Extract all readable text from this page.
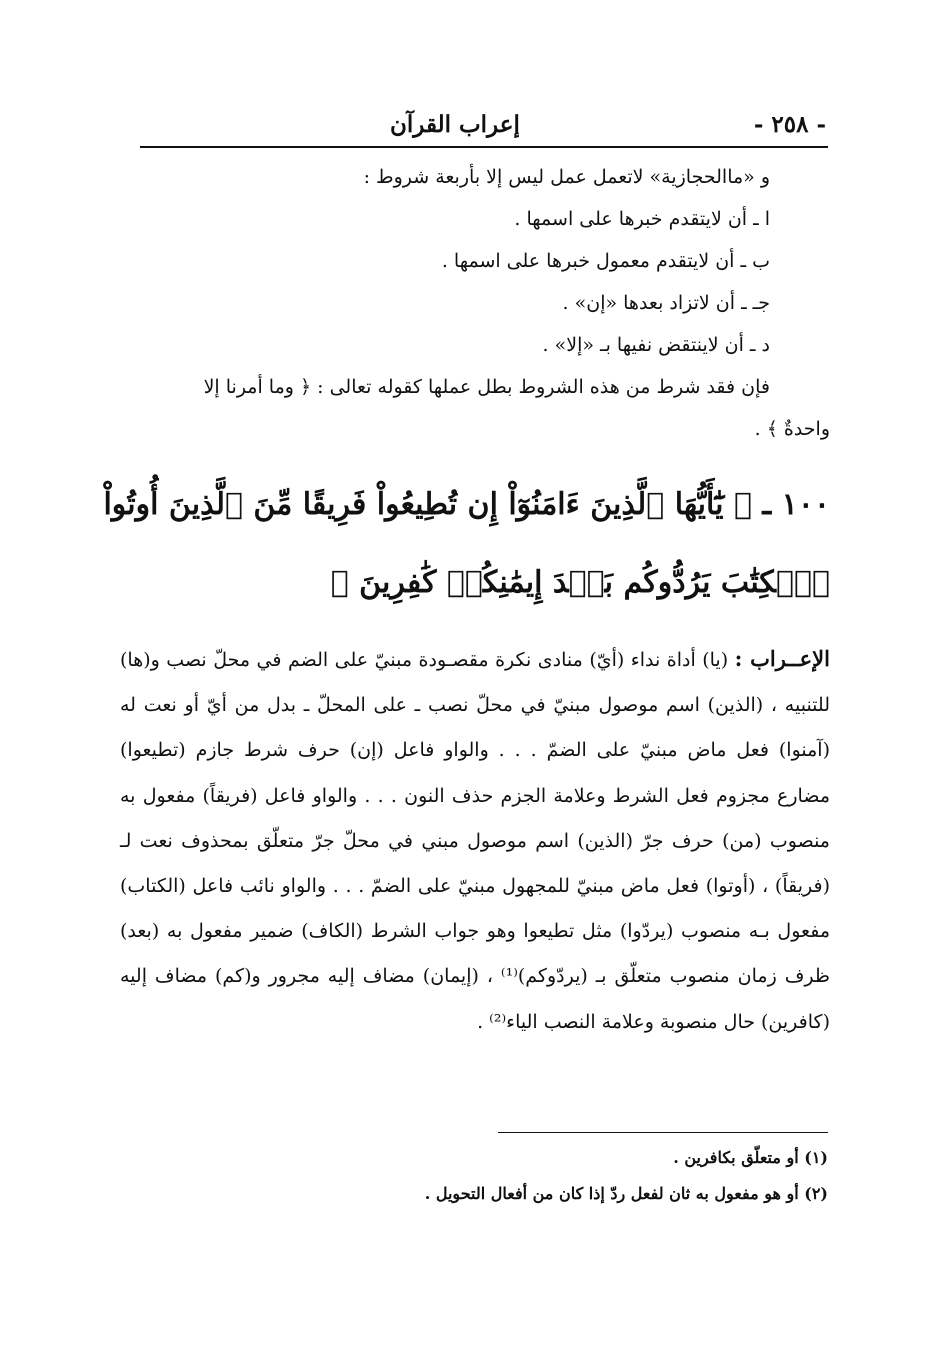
- ٢٥٨ -
إعراب القرآن
و «ماالحجازية» لاتعمل عمل ليس إلا بأربعة شروط :
ا ـ أن لايتقدم خبرها على اسمها .
ب ـ أن لايتقدم معمول خبرها على اسمها .
جـ ـ أن لاتزاد بعدها «إن» .
د ـ أن لاينتقض نفيها بـ «إلا» .
فإن فقد شرط من هذه الشروط بطل عملها كقوله تعالى : ﴿ وما أمرنا إلا
واحدةٌ ﴾ .
١٠٠ ـ ﴿ يَٰٓأَيُّهَا ٱلَّذِينَ ءَامَنُوٓاْ إِن تُطِيعُواْ فَرِيقًا مِّنَ ٱلَّذِينَ أُوتُواْ ٱلۡكِتَٰبَ يَرُدُّوكُم بَعۡدَ إِيمَٰنِكُمۡ كَٰفِرِينَ ﴾
الإعــراب : (يا) أداة نداء (أيّ) منادى نكرة مقصـودة مبنيّ على الضم في محلّ نصب و(ها) للتنبيه ، (الذين) اسم موصول مبنيّ في محلّ نصب ـ على المحلّ ـ بدل من أيّ أو نعت له (آمنوا) فعل ماض مبنيّ على الضمّ . . . والواو فاعل (إن) حرف شرط جازم (تطيعوا) مضارع مجزوم فعل الشرط وعلامة الجزم حذف النون . . . والواو فاعل (فريقاً) مفعول به منصوب (من) حرف جرّ (الذين) اسم موصول مبني في محلّ جرّ متعلّق بمحذوف نعت لـ (فريقاً) ، (أوتوا) فعل ماض مبنيّ للمجهول مبنيّ على الضمّ . . . والواو نائب فاعل (الكتاب) مفعول بـه منصوب (يردّوا) مثل تطيعوا وهو جواب الشرط (الكاف) ضمير مفعول به (بعد) ظرف زمان منصوب متعلّق بـ (يردّوكم)⁽¹⁾ ، (إيمان) مضاف إليه مجرور و(كم) مضاف إليه (كافرين) حال منصوبة وعلامة النصب الياء⁽²⁾ .
(١) أو متعلّق بكافرين .
(٢) أو هو مفعول به ثان لفعل ردّ إذا كان من أفعال التحويل .
